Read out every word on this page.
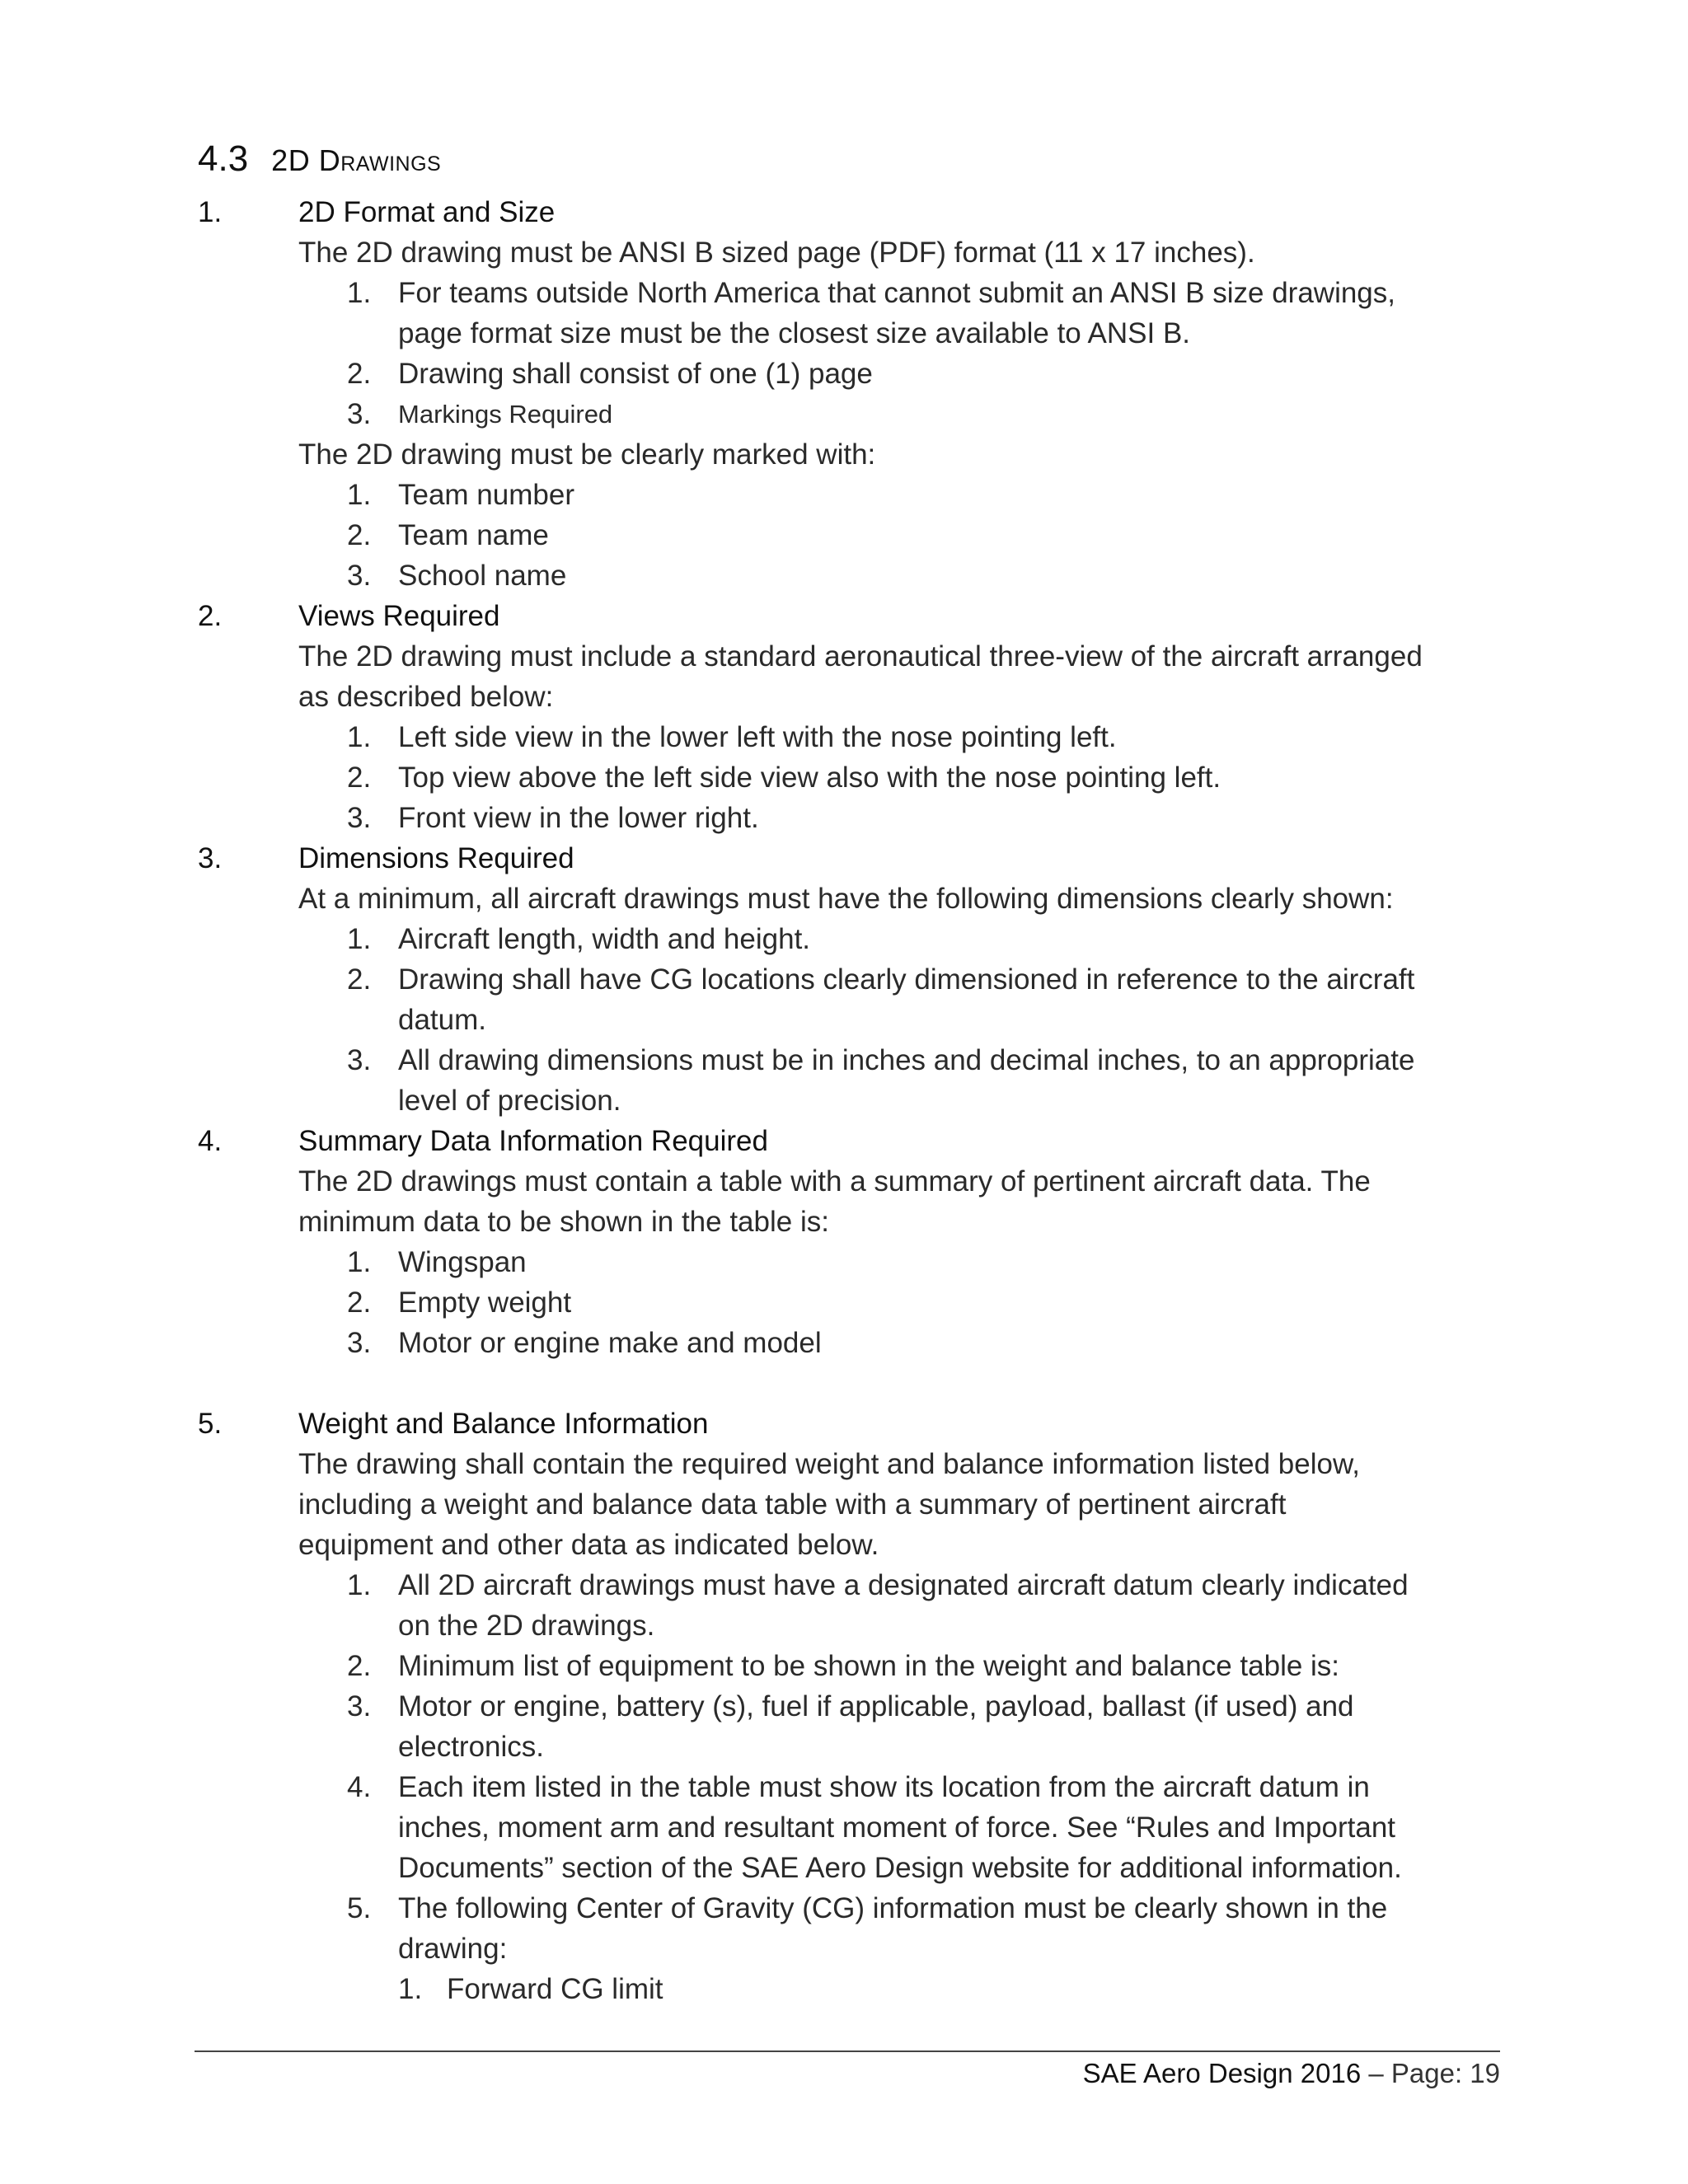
4.3 2D Drawings
1.	2D Format and Size
The 2D drawing must be ANSI B sized page (PDF) format (11 x 17 inches).
1. For teams outside North America that cannot submit an ANSI B size drawings,
page format size must be the closest size available to ANSI B.
2. Drawing shall consist of one (1) page
3. Markings Required
The 2D drawing must be clearly marked with:
1. Team number
2. Team name
3. School name
2.	Views Required
The 2D drawing must include a standard aeronautical three-view of the aircraft arranged
as described below:
1. Left side view in the lower left with the nose pointing left.
2. Top view above the left side view also with the nose pointing left.
3. Front view in the lower right.
3.	Dimensions Required
At a minimum, all aircraft drawings must have the following dimensions clearly shown:
1. Aircraft length, width and height.
2. Drawing shall have CG locations clearly dimensioned in reference to the aircraft
datum.
3. All drawing dimensions must be in inches and decimal inches, to an appropriate
level of precision.
4.	Summary Data Information Required
The 2D drawings must contain a table with a summary of pertinent aircraft data. The
minimum data to be shown in the table is:
1. Wingspan
2. Empty weight
3. Motor or engine make and model
5.	Weight and Balance Information
The drawing shall contain the required weight and balance information listed below,
including a weight and balance data table with a summary of pertinent aircraft
equipment and other data as indicated below.
1. All 2D aircraft drawings must have a designated aircraft datum clearly indicated
on the 2D drawings.
2. Minimum list of equipment to be shown in the weight and balance table is:
3. Motor or engine, battery (s), fuel if applicable, payload, ballast (if used) and
electronics.
4. Each item listed in the table must show its location from the aircraft datum in
inches, moment arm and resultant moment of force. See “Rules and Important
Documents” section of the SAE Aero Design website for additional information.
5. The following Center of Gravity (CG) information must be clearly shown in the
drawing:
1. Forward CG limit
SAE Aero Design 2016 – Page: 19
